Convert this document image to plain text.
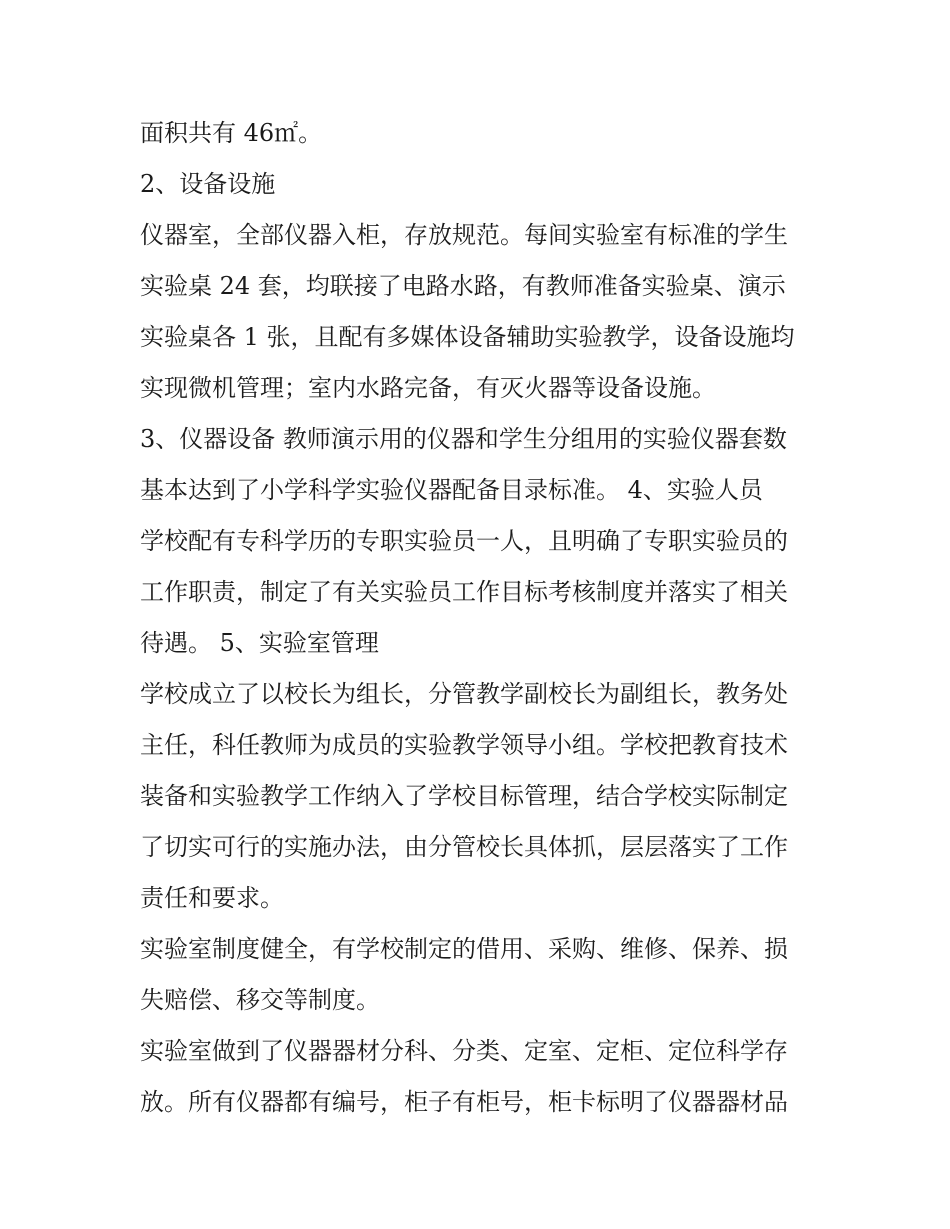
面积共有 46㎡。
2、设备设施
仪器室，全部仪器入柜，存放规范。每间实验室有标准的学生
实验桌 24 套，均联接了电路水路，有教师准备实验桌、演示
实验桌各 1 张，且配有多媒体设备辅助实验教学，设备设施均
实现微机管理；室内水路完备，有灭火器等设备设施。
3、仪器设备 教师演示用的仪器和学生分组用的实验仪器套数
基本达到了小学科学实验仪器配备目录标准。 4、实验人员
学校配有专科学历的专职实验员一人，且明确了专职实验员的
工作职责，制定了有关实验员工作目标考核制度并落实了相关
待遇。 5、实验室管理
学校成立了以校长为组长，分管教学副校长为副组长，教务处
主任，科任教师为成员的实验教学领导小组。学校把教育技术
装备和实验教学工作纳入了学校目标管理，结合学校实际制定
了切实可行的实施办法，由分管校长具体抓，层层落实了工作
责任和要求。
实验室制度健全，有学校制定的借用、采购、维修、保养、损
失赔偿、移交等制度。
实验室做到了仪器器材分科、分类、定室、定柜、定位科学存
放。所有仪器都有编号，柜子有柜号，柜卡标明了仪器器材品
